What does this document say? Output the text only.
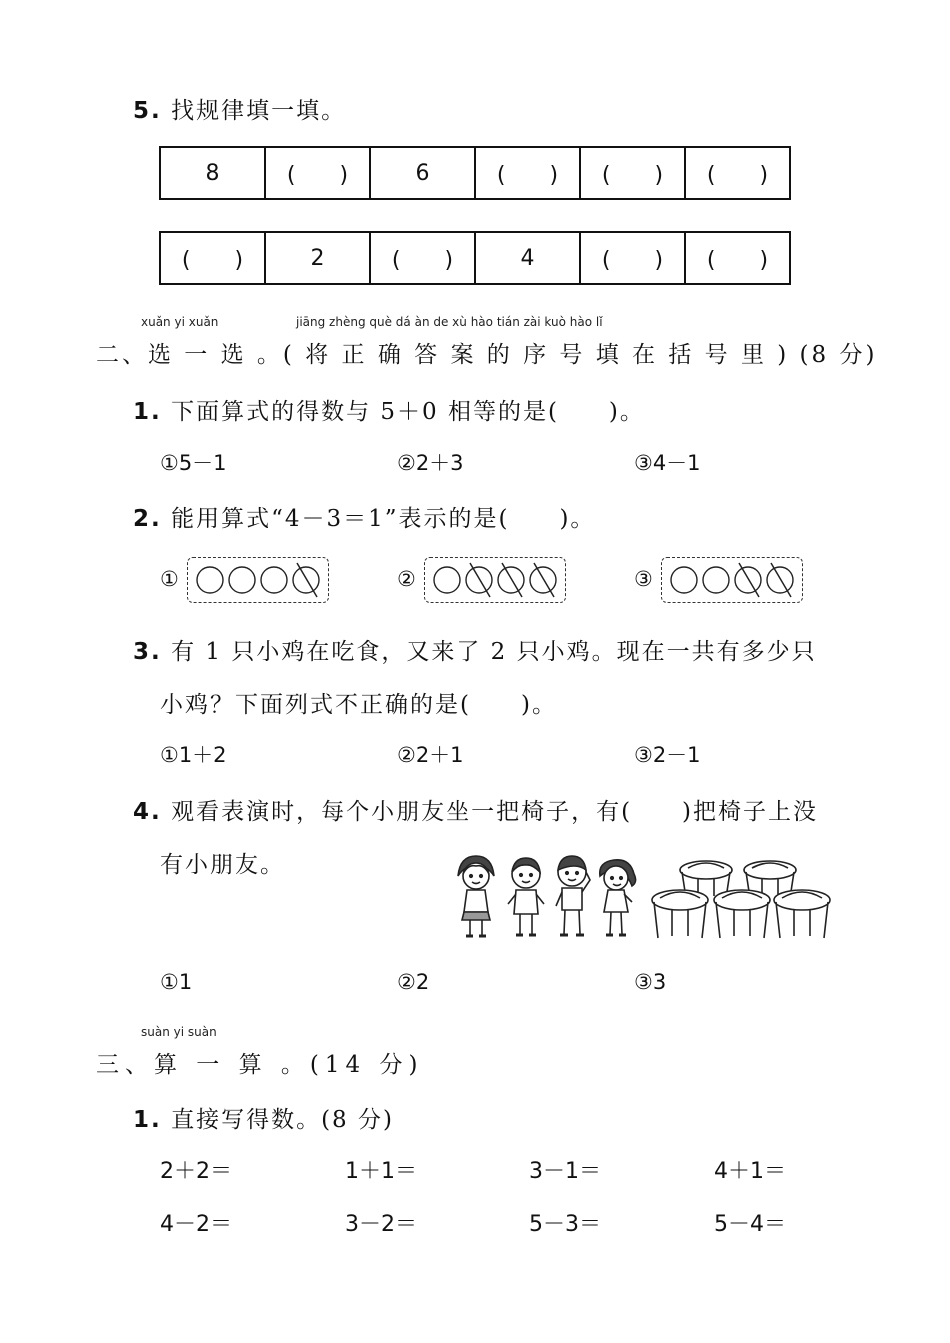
5. 找规律填一填。
8	(　　)	6	(　　)	(　　)	(　　)
(　　)	2	(　　)	4	(　　)	(　　)
xuǎn yi xuǎn	jiāng zhèng què dá àn de xù hào tián zài kuò hào lǐ
二、选 一 选 。( 将 正 确 答 案 的 序 号 填 在 括 号 里 ) (8 分)
1. 下面算式的得数与 5＋0 相等的是(　　)。
①5－1	②2＋3	③4－1
2. 能用算式“4－3＝1”表示的是(　　)。
①	②	③
3. 有 1 只小鸡在吃食，又来了 2 只小鸡。现在一共有多少只
小鸡？下面列式不正确的是(　　)。
①1＋2	②2＋1	③2－1
4. 观看表演时，每个小朋友坐一把椅子，有(　　)把椅子上没
有小朋友。
①1	②2	③3
suàn yi suàn
三、算 一 算 。(14 分)
1. 直接写得数。(8 分)
2＋2＝	1＋1＝	3－1＝	4＋1＝
4－2＝	3－2＝	5－3＝	5－4＝
